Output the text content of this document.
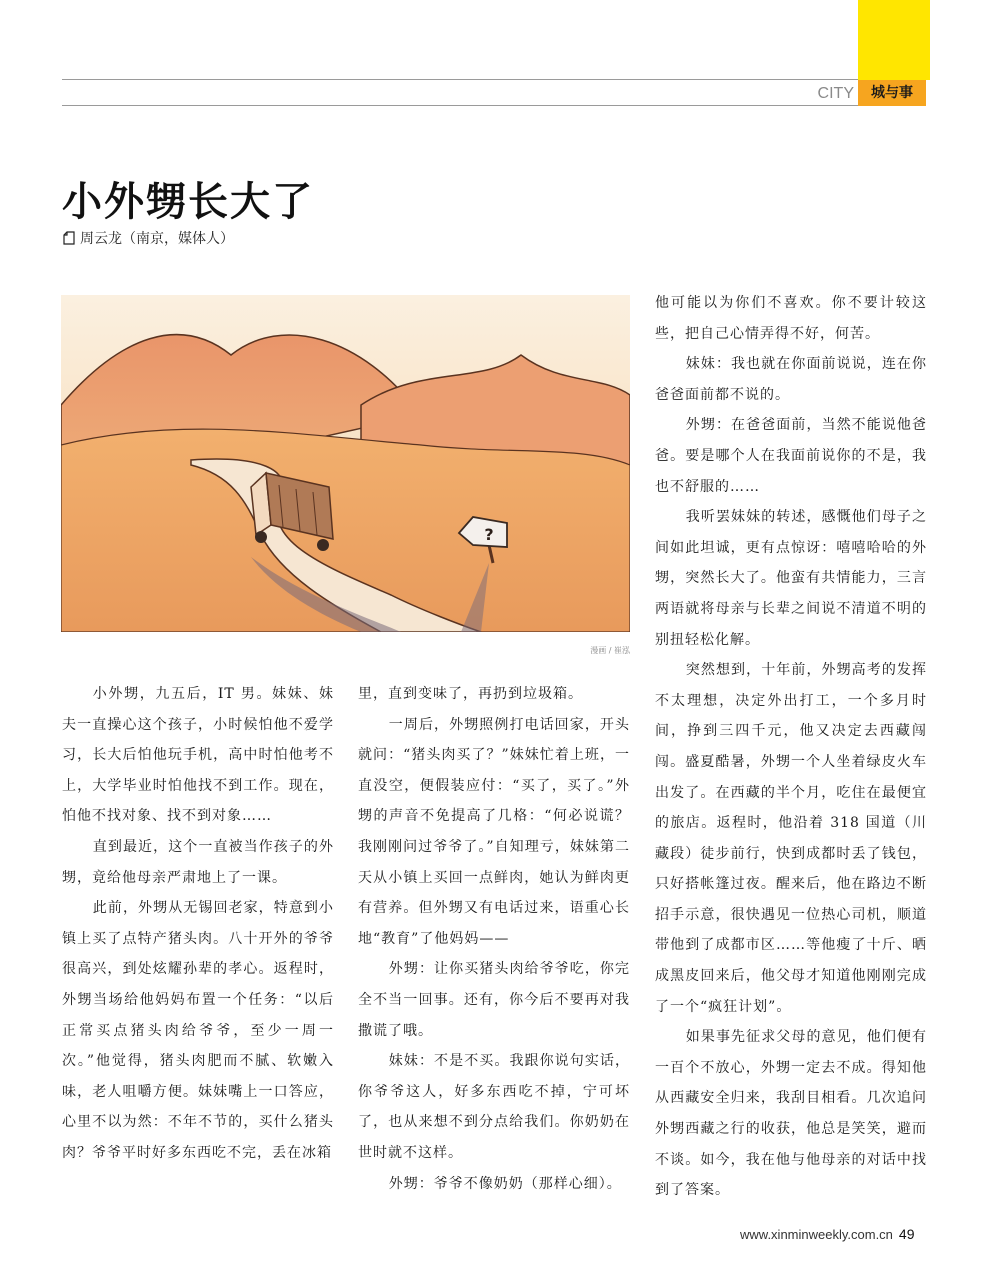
CITY	城与事
小外甥长大了
周云龙（南京，媒体人）
?
漫画 / 崔泓

小外甥，九五后，IT 男。妹妹、妹夫一直操心这个孩子，小时候怕他不爱学习，长大后怕他玩手机，高中时怕他考不上，大学毕业时怕他找不到工作。现在，怕他不找对象、找不到对象……

直到最近，这个一直被当作孩子的外甥，竟给他母亲严肃地上了一课。

此前，外甥从无锡回老家，特意到小镇上买了点特产猪头肉。八十开外的爷爷很高兴，到处炫耀孙辈的孝心。返程时，外甥当场给他妈妈布置一个任务：“以后正常买点猪头肉给爷爷，至少一周一次。”他觉得，猪头肉肥而不腻、软嫩入味，老人咀嚼方便。妹妹嘴上一口答应，心里不以为然：不年不节的，买什么猪头肉？爷爷平时好多东西吃不完，丢在冰箱

里，直到变味了，再扔到垃圾箱。

一周后，外甥照例打电话回家，开头就问：“猪头肉买了？”妹妹忙着上班，一直没空，便假装应付：“买了，买了。”外甥的声音不免提高了几格：“何必说谎？我刚刚问过爷爷了。”自知理亏，妹妹第二天从小镇上买回一点鲜肉，她认为鲜肉更有营养。但外甥又有电话过来，语重心长地“教育”了他妈妈——

外甥：让你买猪头肉给爷爷吃，你完全不当一回事。还有，你今后不要再对我撒谎了哦。

妹妹：不是不买。我跟你说句实话，你爷爷这人，好多东西吃不掉，宁可坏了，也从来想不到分点给我们。你奶奶在世时就不这样。

外甥：爷爷不像奶奶（那样心细）。

他可能以为你们不喜欢。你不要计较这些，把自己心情弄得不好，何苦。

妹妹：我也就在你面前说说，连在你爸爸面前都不说的。

外甥：在爸爸面前，当然不能说他爸爸。要是哪个人在我面前说你的不是，我也不舒服的……

我听罢妹妹的转述，感慨他们母子之间如此坦诚，更有点惊讶：嘻嘻哈哈的外甥，突然长大了。他蛮有共情能力，三言两语就将母亲与长辈之间说不清道不明的别扭轻松化解。

突然想到，十年前，外甥高考的发挥不太理想，决定外出打工，一个多月时间，挣到三四千元，他又决定去西藏闯闯。盛夏酷暑，外甥一个人坐着绿皮火车出发了。在西藏的半个月，吃住在最便宜的旅店。返程时，他沿着 318 国道（川藏段）徒步前行，快到成都时丢了钱包，只好搭帐篷过夜。醒来后，他在路边不断招手示意，很快遇见一位热心司机，顺道带他到了成都市区……等他瘦了十斤、晒成黑皮回来后，他父母才知道他刚刚完成了一个“疯狂计划”。

如果事先征求父母的意见，他们便有一百个不放心，外甥一定去不成。得知他从西藏安全归来，我刮目相看。几次追问外甥西藏之行的收获，他总是笑笑，避而不谈。如今，我在他与他母亲的对话中找到了答案。

www.xinminweekly.com.cn 49
